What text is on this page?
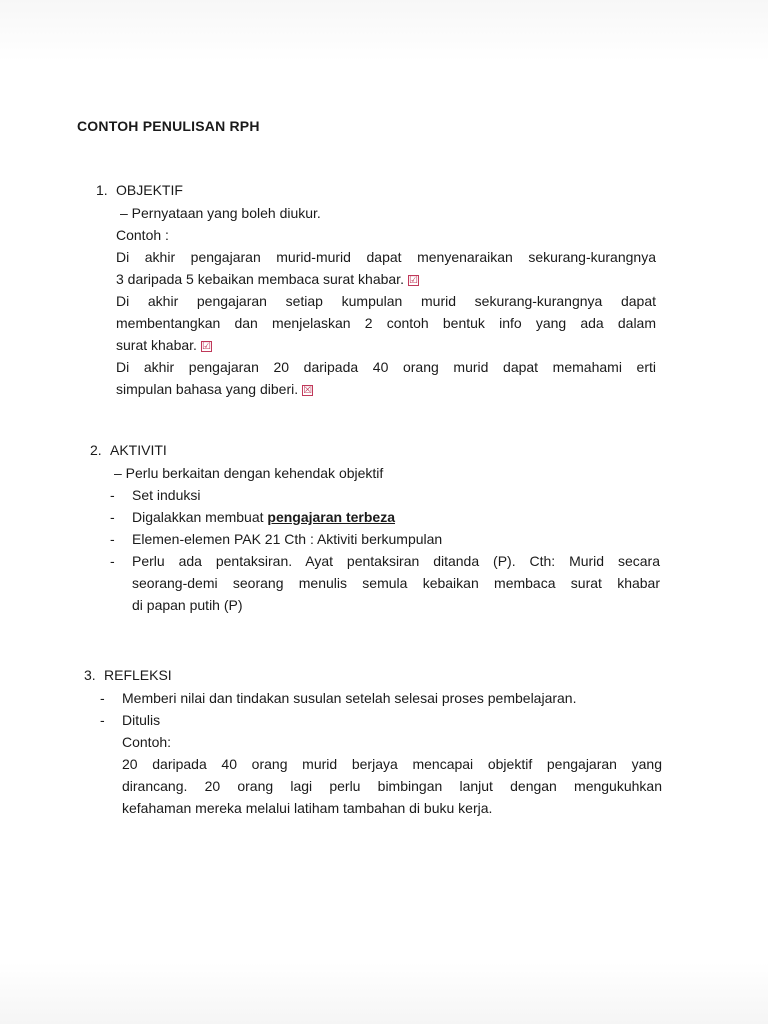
CONTOH PENULISAN RPH
1. OBJEKTIF
– Pernyataan yang boleh diukur.
Contoh :
Di akhir pengajaran murid-murid dapat menyenaraikan sekurang-kurangnya
3 daripada 5 kebaikan membaca surat khabar. ☑
Di akhir pengajaran setiap kumpulan murid sekurang-kurangnya dapat
membentangkan dan menjelaskan 2 contoh bentuk info yang ada dalam
surat khabar. ☑
Di akhir pengajaran 20 daripada 40 orang murid dapat memahami erti
simpulan bahasa yang diberi. ☒
2. AKTIVITI
– Perlu berkaitan dengan kehendak objektif
-	Set induksi
-	Digalakkan membuat pengajaran terbeza
-	Elemen-elemen PAK 21 Cth : Aktiviti berkumpulan
-	Perlu ada pentaksiran. Ayat pentaksiran ditanda (P). Cth: Murid secara
seorang-demi seorang menulis semula kebaikan membaca surat khabar
di papan putih (P)
3. REFLEKSI
-	Memberi nilai dan tindakan susulan setelah selesai proses pembelajaran.
-	Ditulis
Contoh:
20 daripada 40 orang murid berjaya mencapai objektif pengajaran yang
dirancang. 20 orang lagi perlu bimbingan lanjut dengan mengukuhkan
kefahaman mereka melalui latiham tambahan di buku kerja.
